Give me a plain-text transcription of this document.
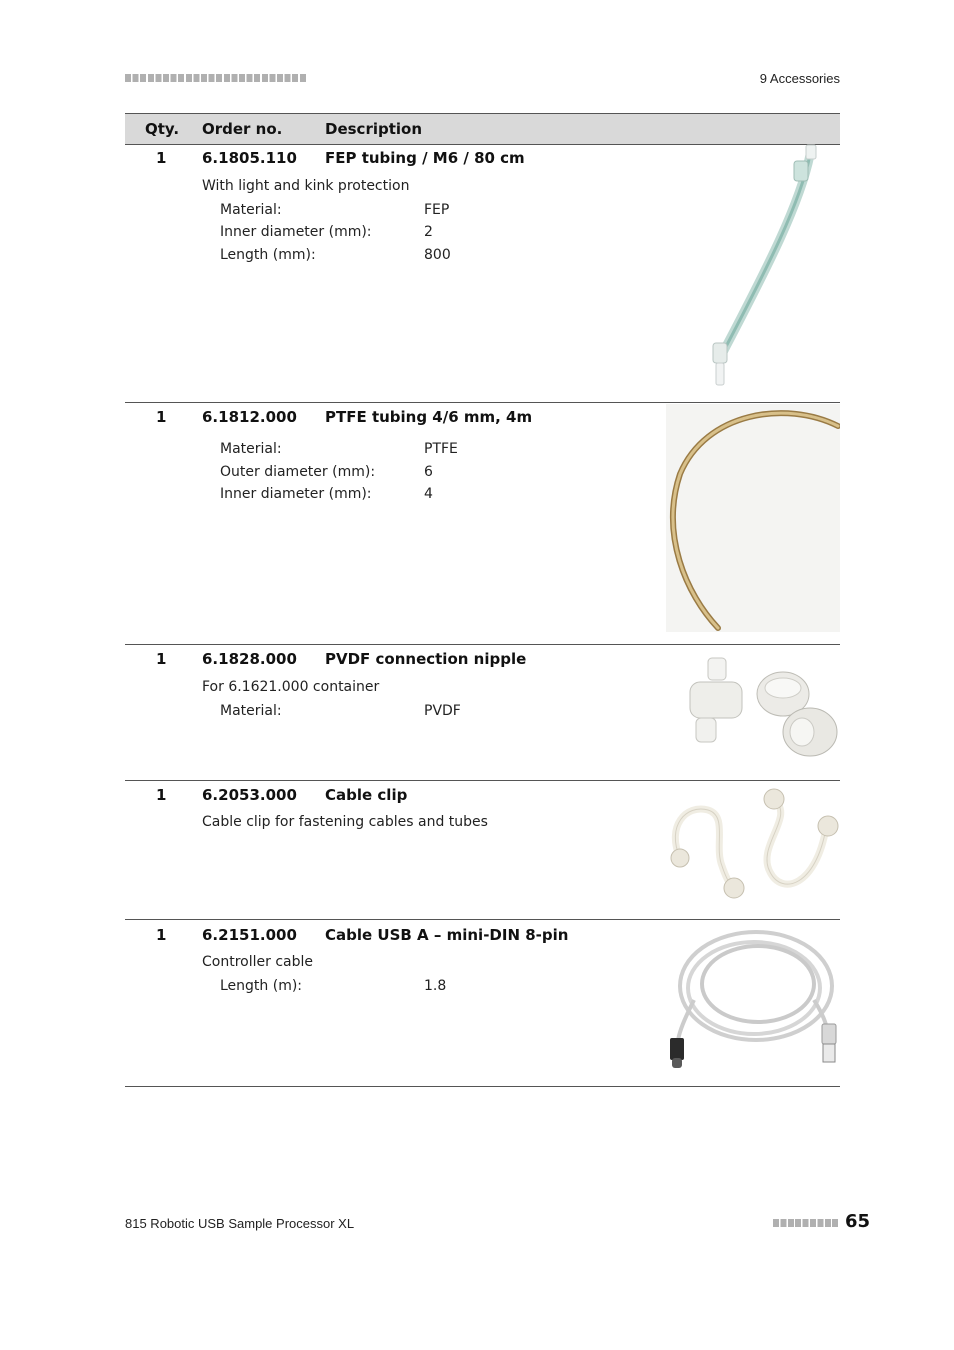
9 Accessories
Qty. Order no.	Description
1 6.1805.110 FEP tubing / M6 / 80 cm
With light and kink protection
Material:	FEP
Inner diameter (mm):	2
Length (mm):	800
1 6.1812.000 PTFE tubing 4/6 mm, 4m
Material:	PTFE
Outer diameter (mm):	6
Inner diameter (mm):	4
1 6.1828.000 PVDF connection nipple
For 6.1621.000 container
Material:	PVDF
1 6.2053.000 Cable clip
Cable clip for fastening cables and tubes
1 6.2151.000 Cable USB A – mini-DIN 8-pin
Controller cable
Length (m):	1.8
815 Robotic USB Sample Processor XL	65
